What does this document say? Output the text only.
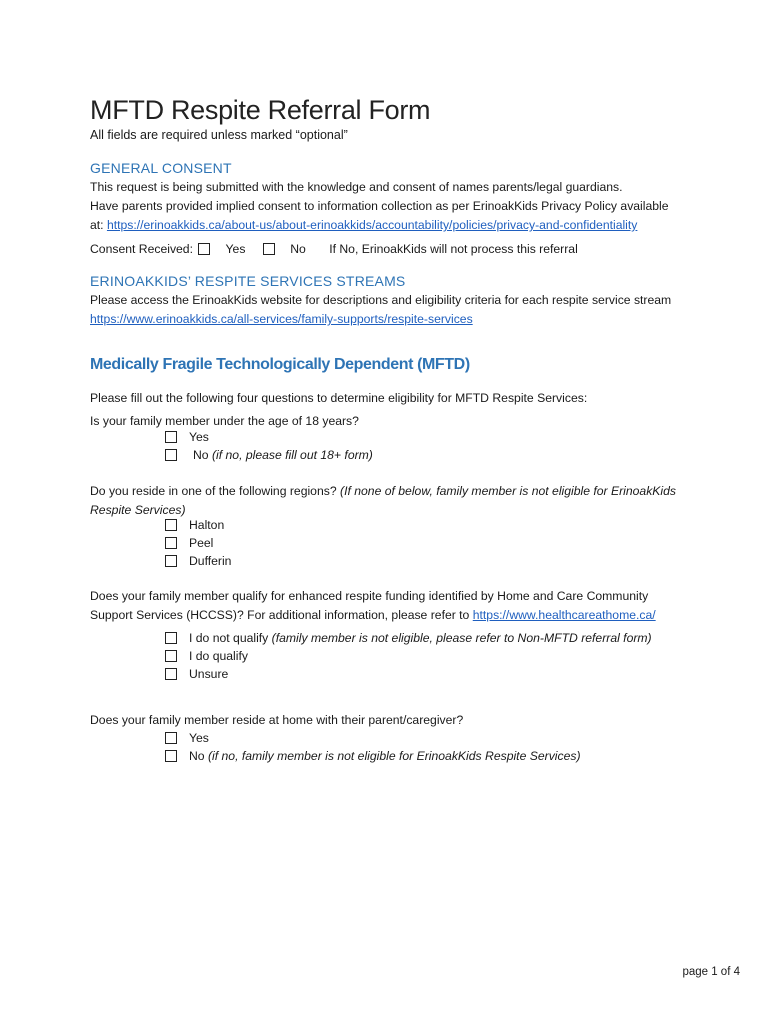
MFTD Respite Referral Form
All fields are required unless marked “optional”
GENERAL CONSENT
This request is being submitted with the knowledge and consent of names parents/legal guardians.
Have parents provided implied consent to information collection as per ErinoakKids Privacy Policy available
at: https://erinoakkids.ca/about-us/about-erinoakkids/accountability/policies/privacy-and-confidentiality
Consent Received:	Yes	No If No, ErinoakKids will not process this referral
ERINOAKKIDS’ RESPITE SERVICES STREAMS
Please access the ErinoakKids website for descriptions and eligibility criteria for each respite service stream
https://www.erinoakkids.ca/all-services/family-supports/respite-services
Medically Fragile Technologically Dependent (MFTD)
Please fill out the following four questions to determine eligibility for MFTD Respite Services:
Is your family member under the age of 18 years?
Yes
No (if no, please fill out 18+ form)
Do you reside in one of the following regions? (If none of below, family member is not eligible for ErinoakKids
Respite Services)
Halton
Peel
Dufferin
Does your family member qualify for enhanced respite funding identified by Home and Care Community
Support Services (HCCSS)? For additional information, please refer to https://www.healthcareathome.ca/
I do not qualify (family member is not eligible, please refer to Non-MFTD referral form)
I do qualify
Unsure
Does your family member reside at home with their parent/caregiver?
Yes
No (if no, family member is not eligible for ErinoakKids Respite Services)
page 1 of 4
